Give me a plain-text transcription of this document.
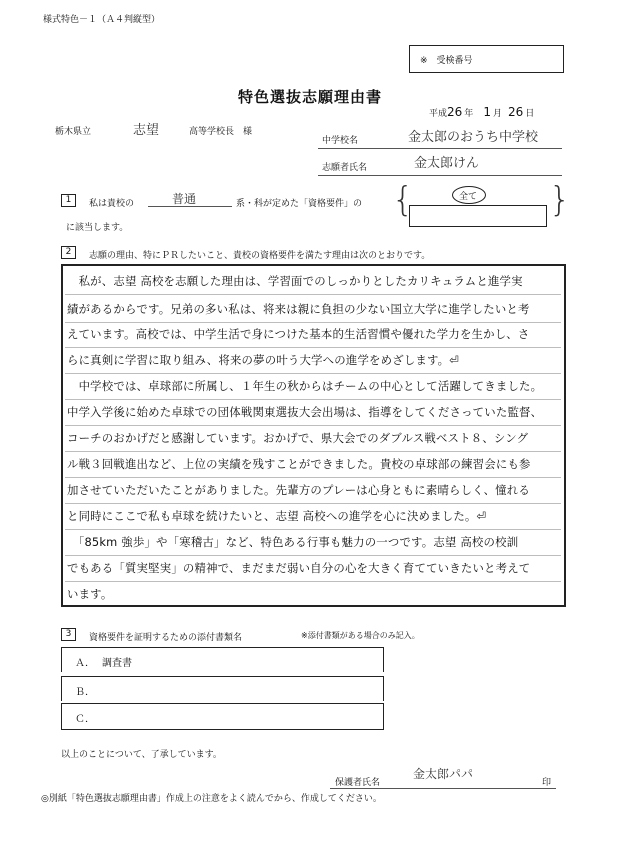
様式特色－１（Ａ４判縦型）
※　受検番号
特色選抜志願理由書
平成26 年 1 月 26 日
栃木県立	志望	高等学校長　様
中学校名	金太郎のおうち中学校
志願者氏名	金太郎けん
1	私は貴校の	普通	系・科が定めた「資格要件」の {	}
全て
に該当します。
2	志願の理由、特にＰＲしたいこと、貴校の資格要件を満たす理由は次のとおりです。
　私が、志望 高校を志願した理由は、学習面でのしっかりとしたカリキュラムと進学実
績があるからです。兄弟の多い私は、将来は親に負担の少ない国立大学に進学したいと考
えています。高校では、中学生活で身につけた基本的生活習慣や優れた学力を生かし、さ
らに真剣に学習に取り組み、将来の夢の叶う大学への進学をめざします。⏎
　中学校では、卓球部に所属し、１年生の秋からはチームの中心として活躍してきました。
中学入学後に始めた卓球での団体戦関東選抜大会出場は、指導をしてくださっていた監督、
コーチのおかげだと感謝しています。おかげで、県大会でのダブルス戦ベスト８、シング
ル戦３回戦進出など、上位の実績を残すことができました。貴校の卓球部の練習会にも参
加させていただいたことがありました。先輩方のプレーは心身ともに素晴らしく、憧れる
と同時にここで私も卓球を続けたいと、志望 高校への進学を心に決めました。⏎
　「85km 強歩」や「寒稽古」など、特色ある行事も魅力の一つです。志望 高校の校訓
でもある「質実堅実」の精神で、まだまだ弱い自分の心を大きく育てていきたいと考えて
います。
3	資格要件を証明するための添付書類名	※添付書類がある場合のみ記入。
Ａ． 調査書
Ｂ．
Ｃ．
以上のことについて、了承しています。
保護者氏名
金太郎パパ
印
◎別紙「特色選抜志願理由書」作成上の注意をよく読んでから、作成してください。
